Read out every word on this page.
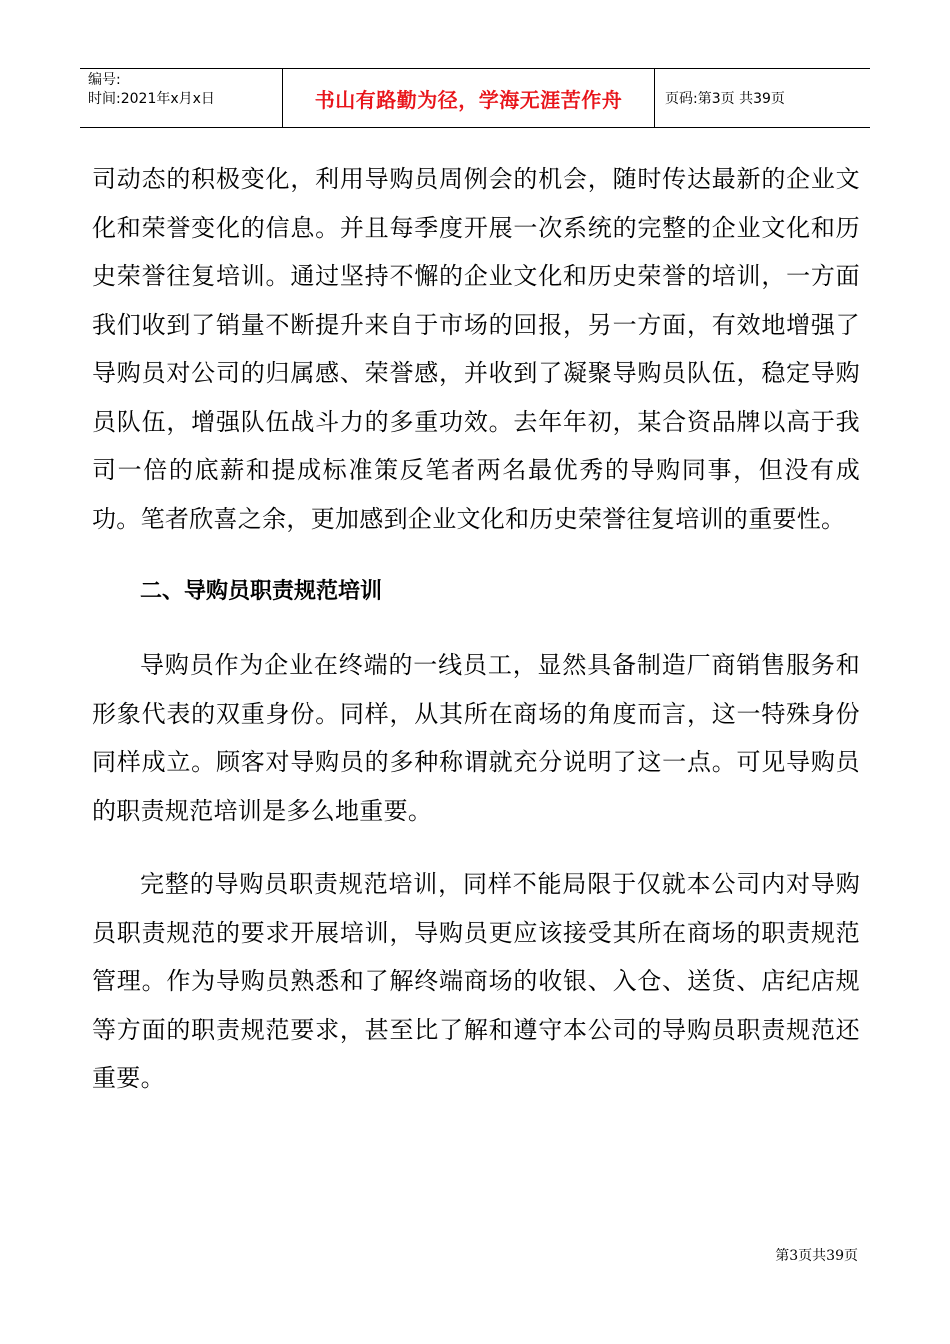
编号:
时间:2021年x月x日	书山有路勤为径，学海无涯苦作舟	页码:第3页 共39页

司动态的积极变化，利用导购员周例会的机会，随时传达最新的企业文化和荣誉变化的信息。并且每季度开展一次系统的完整的企业文化和历史荣誉往复培训。通过坚持不懈的企业文化和历史荣誉的培训，一方面我们收到了销量不断提升来自于市场的回报，另一方面，有效地增强了导购员对公司的归属感、荣誉感，并收到了凝聚导购员队伍，稳定导购员队伍，增强队伍战斗力的多重功效。去年年初，某合资品牌以高于我司一倍的底薪和提成标准策反笔者两名最优秀的导购同事，但没有成功。笔者欣喜之余，更加感到企业文化和历史荣誉往复培训的重要性。

二、导购员职责规范培训

导购员作为企业在终端的一线员工，显然具备制造厂商销售服务和形象代表的双重身份。同样，从其所在商场的角度而言，这一特殊身份同样成立。顾客对导购员的多种称谓就充分说明了这一点。可见导购员的职责规范培训是多么地重要。

完整的导购员职责规范培训，同样不能局限于仅就本公司内对导购员职责规范的要求开展培训，导购员更应该接受其所在商场的职责规范管理。作为导购员熟悉和了解终端商场的收银、入仓、送货、店纪店规等方面的职责规范要求，甚至比了解和遵守本公司的导购员职责规范还重要。

第3页共39页
